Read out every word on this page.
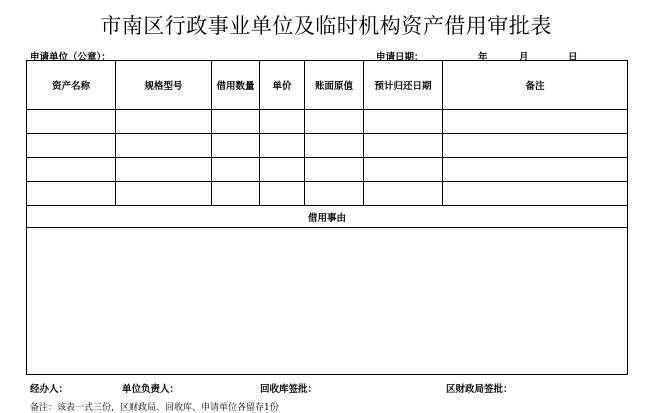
市南区行政事业单位及临时机构资产借用审批表
申请单位（公章）：	申请日期：	年	月	日
资产名称	规格型号	借用数量	单价	账面原值	预计归还日期	备注

借用事由						

经办人：	单位负责人：	回收库签批：	区财政局签批：
备注：该表一式三份，区财政局、回收库、申请单位各留存1份
